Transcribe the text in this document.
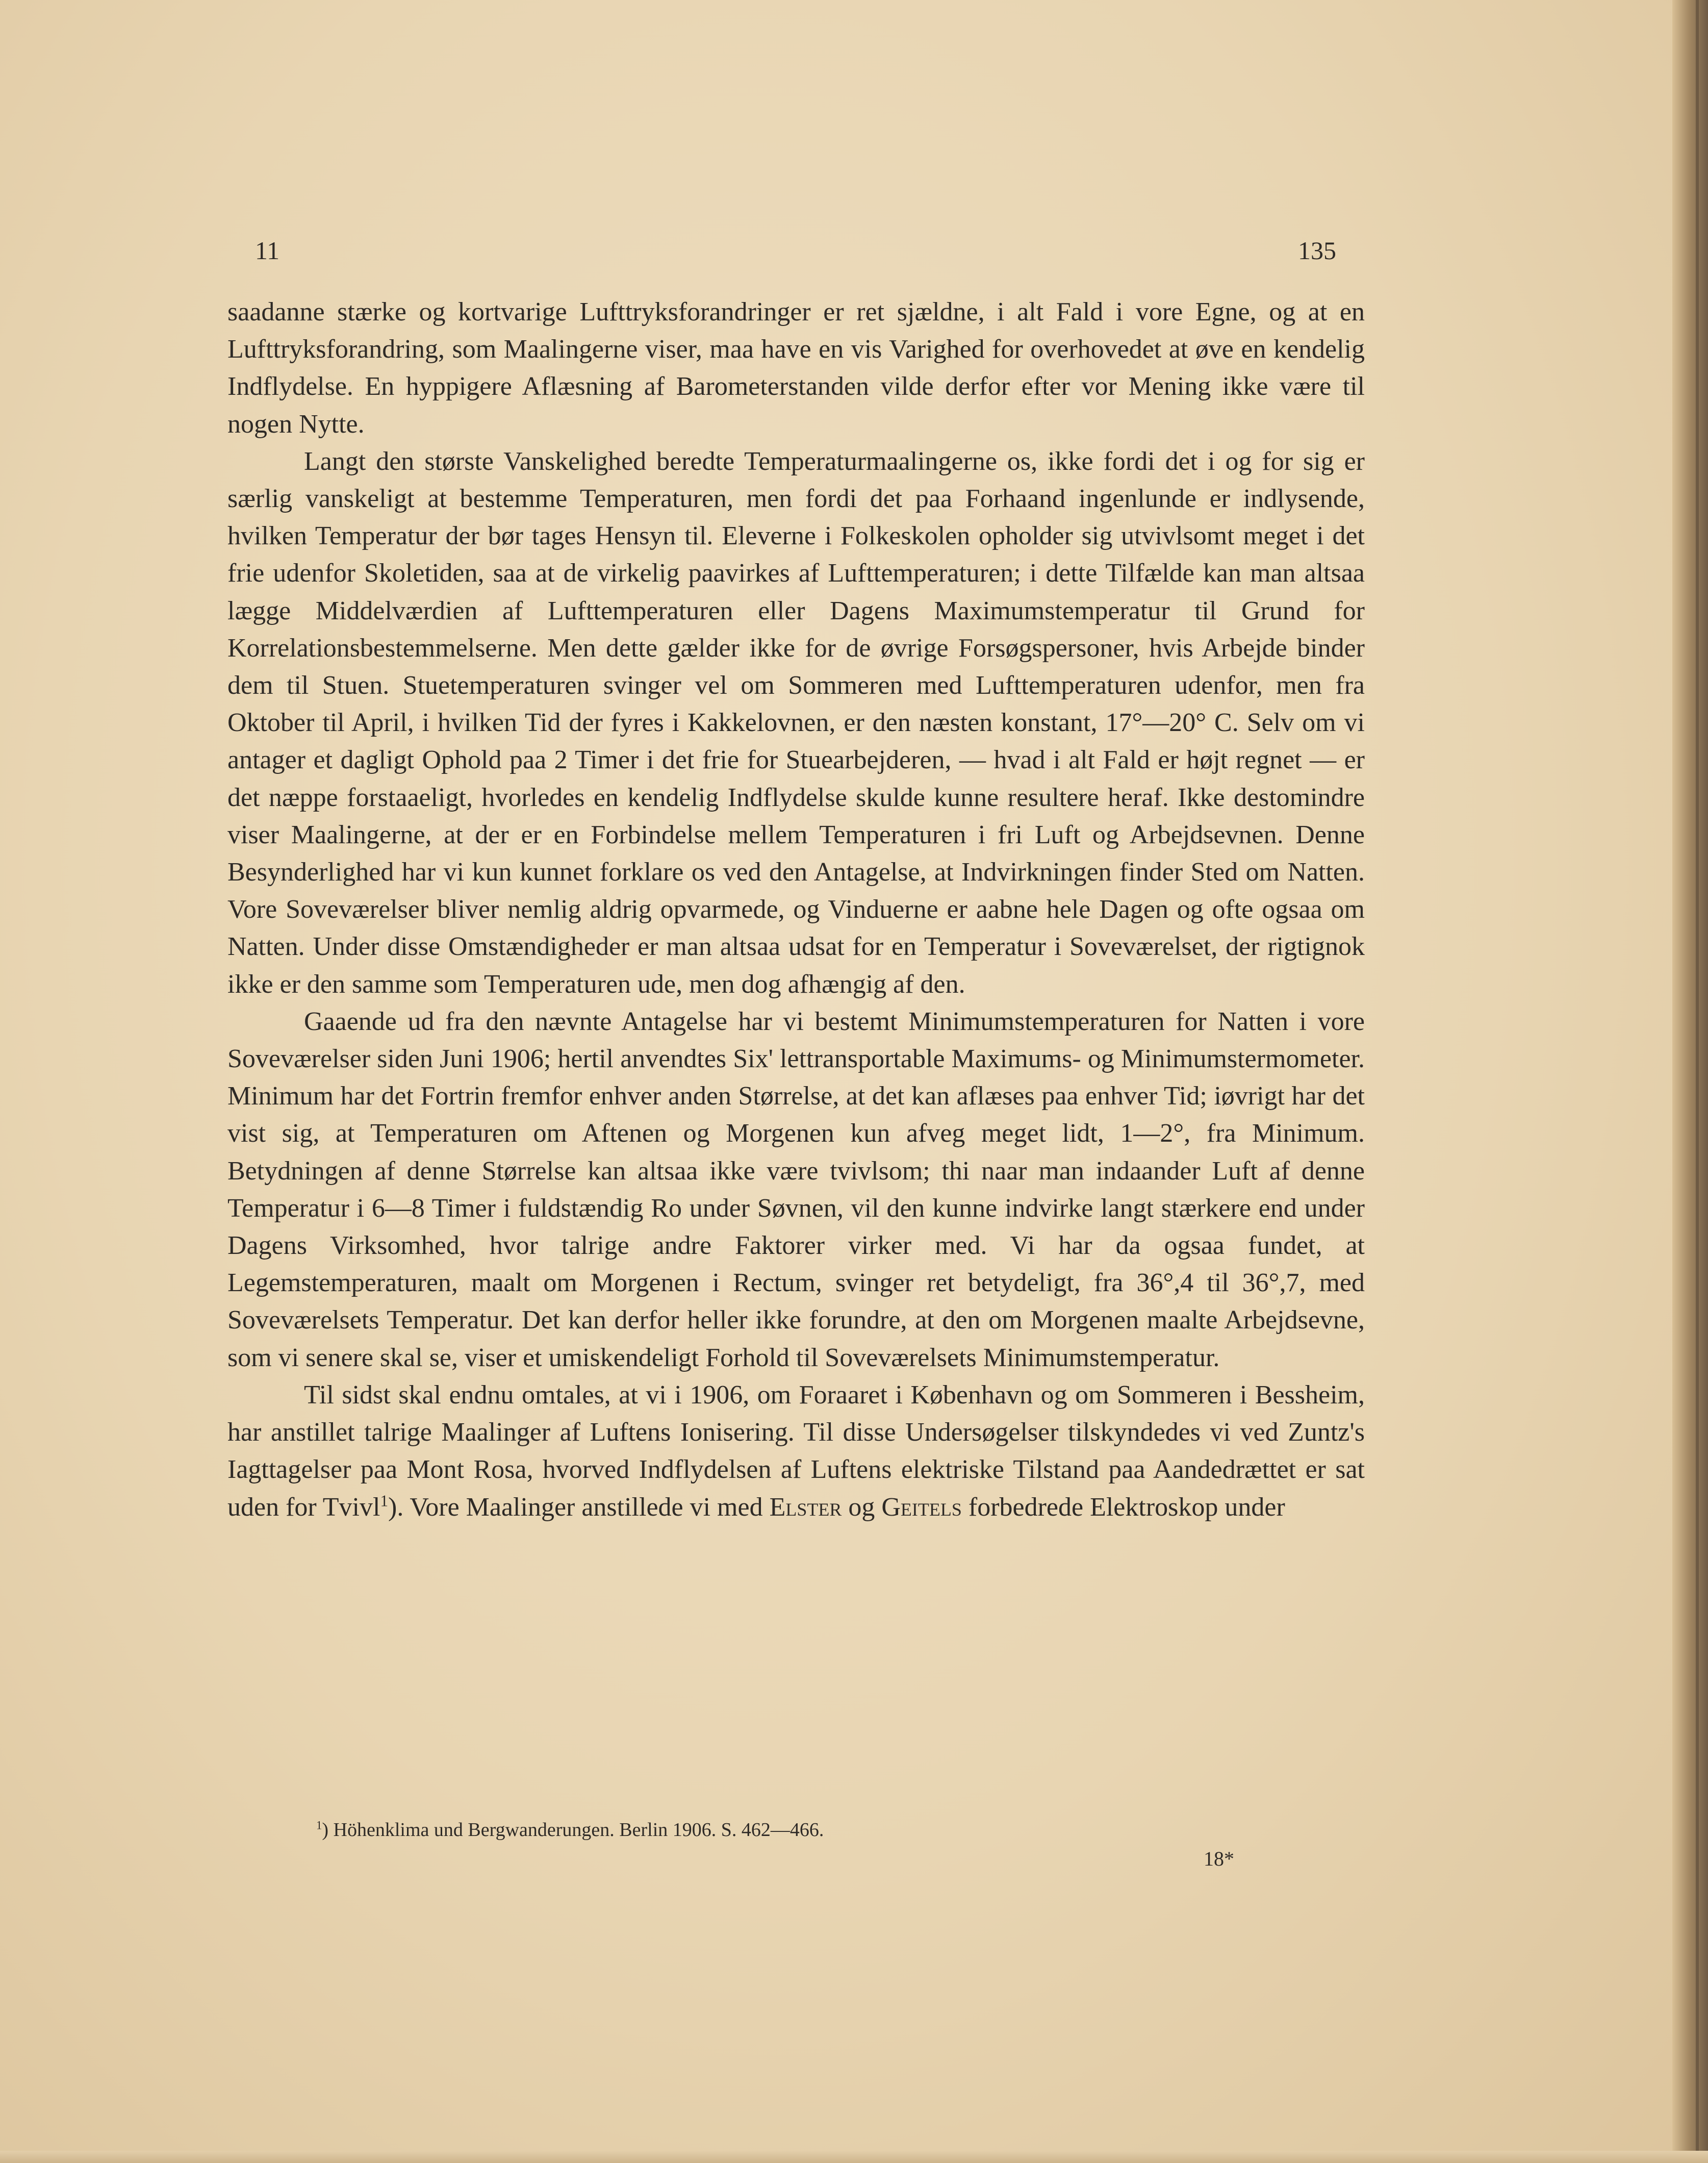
11	135

saadanne stærke og kortvarige Lufttryksforandringer er ret sjældne, i alt Fald i vore Egne, og at en Lufttryksforandring, som Maalingerne viser, maa have en vis Varighed for overhovedet at øve en kendelig Indflydelse. En hyppigere Aflæsning af Barometerstanden vilde derfor efter vor Mening ikke være til nogen Nytte.

Langt den største Vanskelighed beredte Temperaturmaalingerne os, ikke fordi det i og for sig er særlig vanskeligt at bestemme Temperaturen, men fordi det paa Forhaand ingenlunde er indlysende, hvilken Temperatur der bør tages Hensyn til. Eleverne i Folkeskolen opholder sig utvivlsomt meget i det frie udenfor Skoletiden, saa at de virkelig paavirkes af Lufttemperaturen; i dette Tilfælde kan man altsaa lægge Middelværdien af Lufttemperaturen eller Dagens Maximumstemperatur til Grund for Korrelationsbestemmelserne. Men dette gælder ikke for de øvrige Forsøgspersoner, hvis Arbejde binder dem til Stuen. Stuetemperaturen svinger vel om Sommeren med Lufttemperaturen udenfor, men fra Oktober til April, i hvilken Tid der fyres i Kakkelovnen, er den næsten konstant, 17°—20° C. Selv om vi antager et dagligt Ophold paa 2 Timer i det frie for Stuearbejderen, — hvad i alt Fald er højt regnet — er det næppe forstaaeligt, hvorledes en kendelig Indflydelse skulde kunne resultere heraf. Ikke destomindre viser Maalingerne, at der er en Forbindelse mellem Temperaturen i fri Luft og Arbejdsevnen. Denne Besynderlighed har vi kun kunnet forklare os ved den Antagelse, at Indvirkningen finder Sted om Natten. Vore Soveværelser bliver nemlig aldrig opvarmede, og Vinduerne er aabne hele Dagen og ofte ogsaa om Natten. Under disse Omstændigheder er man altsaa udsat for en Temperatur i Soveværelset, der rigtignok ikke er den samme som Temperaturen ude, men dog afhængig af den.

Gaaende ud fra den nævnte Antagelse har vi bestemt Minimumstemperaturen for Natten i vore Soveværelser siden Juni 1906; hertil anvendtes Six' lettransportable Maximums- og Minimumstermometer. Minimum har det Fortrin fremfor enhver anden Størrelse, at det kan aflæses paa enhver Tid; iøvrigt har det vist sig, at Temperaturen om Aftenen og Morgenen kun afveg meget lidt, 1—2°, fra Minimum. Betydningen af denne Størrelse kan altsaa ikke være tvivlsom; thi naar man indaander Luft af denne Temperatur i 6—8 Timer i fuldstændig Ro under Søvnen, vil den kunne indvirke langt stærkere end under Dagens Virksomhed, hvor talrige andre Faktorer virker med. Vi har da ogsaa fundet, at Legemstemperaturen, maalt om Morgenen i Rectum, svinger ret betydeligt, fra 36°,4 til 36°,7, med Soveværelsets Temperatur. Det kan derfor heller ikke forundre, at den om Morgenen maalte Arbejdsevne, som vi senere skal se, viser et umiskendeligt Forhold til Soveværelsets Minimumstemperatur.

Til sidst skal endnu omtales, at vi i 1906, om Foraaret i København og om Sommeren i Bessheim, har anstillet talrige Maalinger af Luftens Ionisering. Til disse Undersøgelser tilskyndedes vi ved Zuntz's Iagttagelser paa Mont Rosa, hvorved Indflydelsen af Luftens elektriske Tilstand paa Aandedrættet er sat uden for Tvivl$^1$). Vore Maalinger anstillede vi med Elster og Geitels forbedrede Elektroskop under

$^1$) Höhenklima und Bergwanderungen. Berlin 1906. S. 462—466.
18*
